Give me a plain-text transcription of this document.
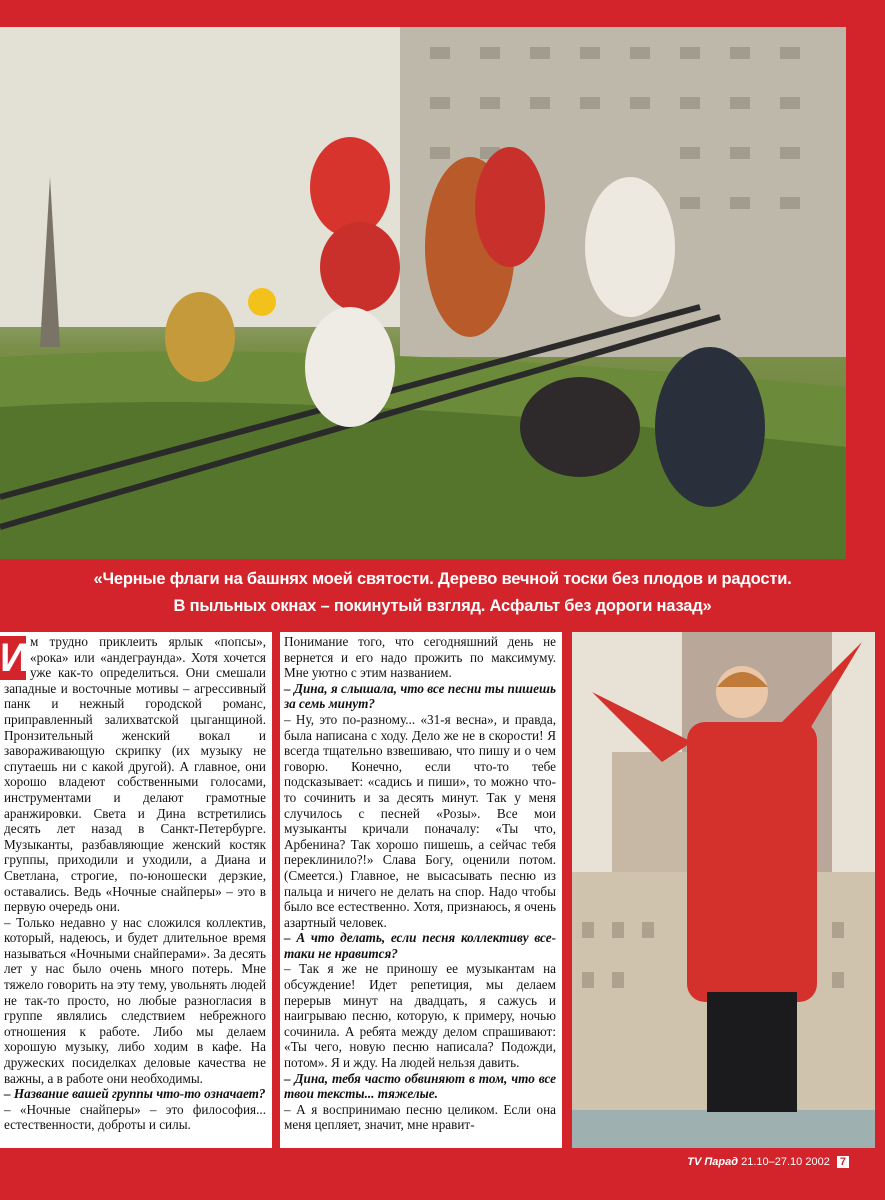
«Черные флаги на башнях моей святости. Дерево вечной тоски без плодов и радости.
В пыльных окнах – покинутый взгляд. Асфальт без дороги назад»
И м трудно приклеить ярлык «попсы», «рока» или «андеграунда». Хотя хочется уже как-то определиться. Они смешали западные и восточные мотивы – агрессивный панк и нежный городской романс, приправленный залихватской цыганщиной. Пронзительный женский вокал и завораживающую скрипку (их музыку не спутаешь ни с какой другой). А главное, они хорошо владеют собственными голосами, инструментами и делают грамотные аранжировки. Света и Дина встретились десять лет назад в Санкт-Петербурге. Музыканты, разбавляющие женский костяк группы, приходили и уходили, а Диана и Светлана, строгие, по-юношески дерзкие, оставались. Ведь «Ночные снайперы» – это в первую очередь они.

– Только недавно у нас сложился коллектив, который, надеюсь, и будет длительное время называться «Ночными снайперами». За десять лет у нас было очень много потерь. Мне тяжело говорить на эту тему, увольнять людей не так-то просто, но любые разногласия в группе являлись следствием небрежного отношения к работе. Либо мы делаем хорошую музыку, либо ходим в кафе. На дружеских посиделках деловые качества не важны, а в работе они необходимы.

– Название вашей группы что-то означает?

– «Ночные снайперы» – это философия... естественности, доброты и силы.

Понимание того, что сегодняшний день не вернется и его надо прожить по максимуму. Мне уютно с этим названием.

– Дина, я слышала, что все песни ты пишешь за семь минут?

– Ну, это по-разному... «31-я весна», и правда, была написана с ходу. Дело же не в скорости! Я всегда тщательно взвешиваю, что пишу и о чем говорю. Конечно, если что-то тебе подсказывает: «садись и пиши», то можно что-то сочинить и за десять минут. Так у меня случилось с песней «Розы». Все мои музыканты кричали поначалу: «Ты что, Арбенина? Так хорошо пишешь, а сейчас тебя переклинило?!» Слава Богу, оценили потом. (Смеется.) Главное, не высасывать песню из пальца и ничего не делать на спор. Надо чтобы было все естественно. Хотя, признаюсь, я очень азартный человек.

– А что делать, если песня коллективу все-таки не нравится?

– Так я же не приношу ее музыкантам на обсуждение! Идет репетиция, мы делаем перерыв минут на двадцать, я сажусь и наигрываю песню, которую, к примеру, ночью сочинила. А ребята между делом спрашивают: «Ты чего, новую песню написала? Подожди, потом». Я и жду. На людей нельзя давить.

– Дина, тебя часто обвиняют в том, что все твои тексты... тяжелые.

– А я воспринимаю песню целиком. Если она меня цепляет, значит, мне нравит-

TV Парад 21.10–27.10 2002 7
